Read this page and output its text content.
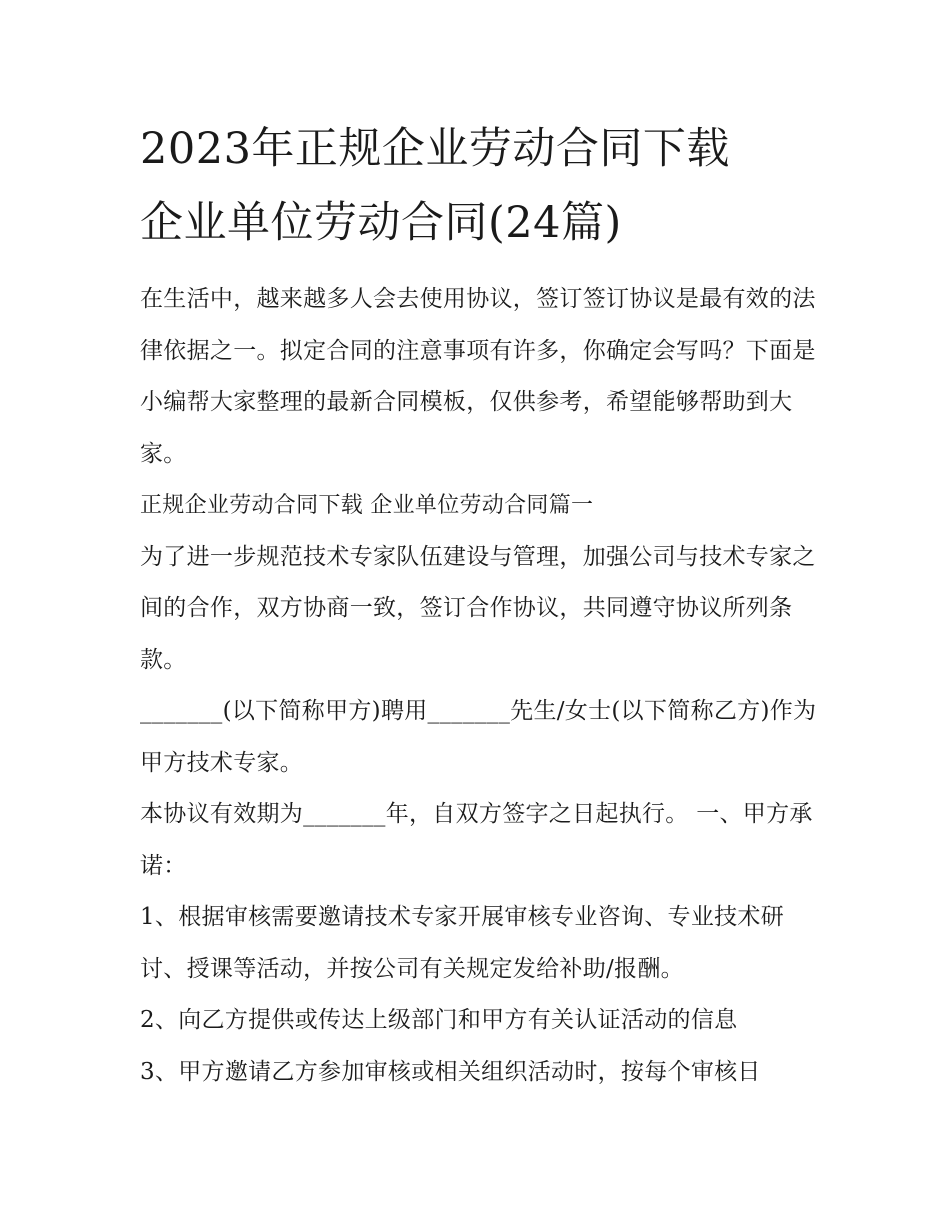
2023年正规企业劳动合同下载
企业单位劳动合同(24篇)

在生活中，越来越多人会去使用协议，签订签订协议是最有效的法律依据之一。拟定合同的注意事项有许多，你确定会写吗？下面是小编帮大家整理的最新合同模板，仅供参考，希望能够帮助到大家。

正规企业劳动合同下载 企业单位劳动合同篇一

为了进一步规范技术专家队伍建设与管理，加强公司与技术专家之间的合作，双方协商一致，签订合作协议，共同遵守协议所列条款。

_______(以下简称甲方)聘用_______先生/女士(以下简称乙方)作为甲方技术专家。

本协议有效期为_______年，自双方签字之日起执行。 一、甲方承诺：

1、根据审核需要邀请技术专家开展审核专业咨询、专业技术研讨、授课等活动，并按公司有关规定发给补助/报酬。

2、向乙方提供或传达上级部门和甲方有关认证活动的信息

3、甲方邀请乙方参加审核或相关组织活动时，按每个审核日
